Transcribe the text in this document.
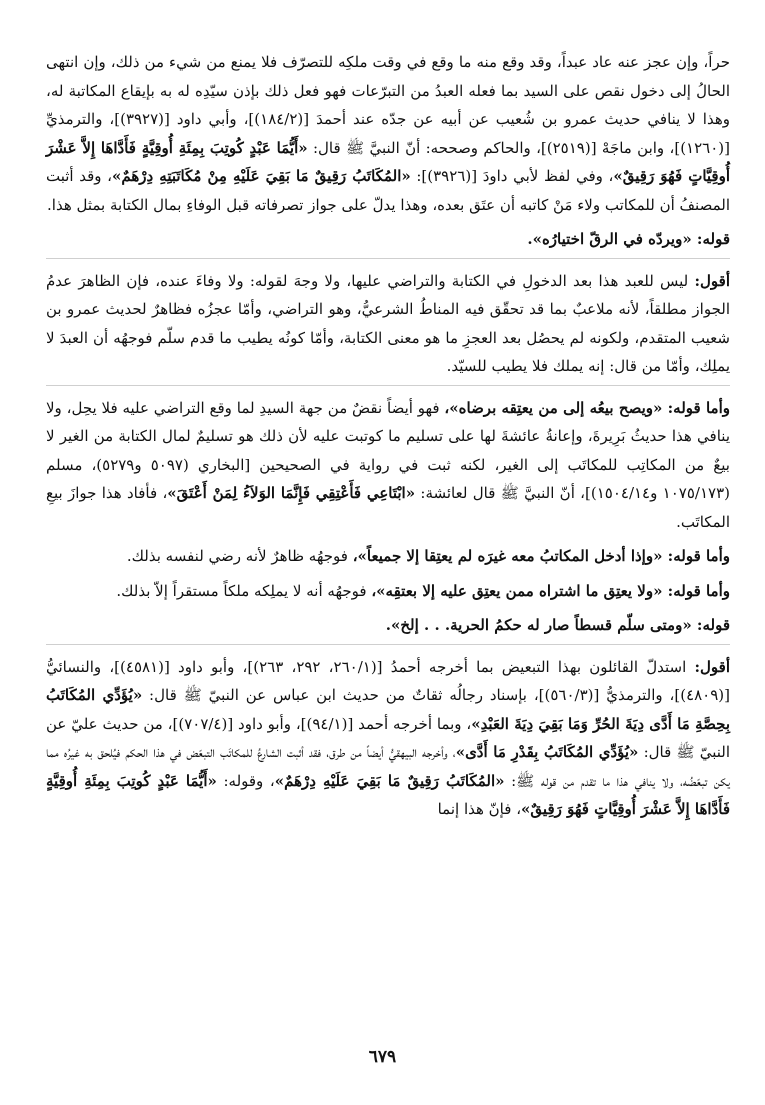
حراً، وإن عجز عنه عاد عبداً، وقد وقع منه ما وقع في وقت ملكِه للتصرّف فلا يمنع من شيء من ذلك، وإن انتهى الحالُ إلى دخول نقص على السيد بما فعله العبدُ من التبرّعات فهو فعل ذلك بإذن سيّدِه له به بإيقاع المكاتبة له، وهذا لا ينافي حديث عمرو بن شُعيب عن أبيه عن جدّه عند أحمدَ [(١٨٤/٢)]، وأبي داود [(٣٩٢٧)]، والترمذيِّ [(١٢٦٠)]، وابن ماجَهْ [(٢٥١٩)]، والحاكم وصححه: أنّ النبيَّ ﷺ قال: «أَيُّمَا عَبْدٍ كُوتِبَ بِمِئَةِ أُوقِيَّةٍ فَأَدَّاهَا إِلاَّ عَشْرَ أُوقِيَّاتٍ فَهُوَ رَقِيقٌ»، وفي لفظ لأبي داودَ [(٣٩٢٦)]: «المُكَاتَبُ رَقِيقٌ مَا بَقِيَ عَلَيْهِ مِنْ مُكَاتَبَتِهِ دِرْهَمٌ»، وقد أثبت المصنفُ أن للمكاتب ولاء مَنْ كاتبه أن عتَق بعده، وهذا يدلّ على جواز تصرفاته قبل الوفاءِ بمال الكتابة بمثل هذا.

قوله: «ويردّه في الرقّ اختيارُه».

أقول: ليس للعبد هذا بعد الدخولِ في الكتابة والتراضي عليها، ولا وجهَ لقوله: ولا وفاءَ عنده، فإن الظاهرَ عدمُ الجواز مطلقاً، لأنه ملاعبٌ بما قد تحقّق فيه المناطُ الشرعيُّ، وهو التراضي، وأمّا عجزُه فظاهرٌ لحديث عمرو بن شعيب المتقدم، ولكونه لم يحصُل بعد العجزِ ما هو معنى الكتابة، وأمّا كونُه يطيب ما قدم سلّم فوجهُه أن العبدَ لا يملِك، وأمّا من قال: إنه يملك فلا يطيب للسيّد.

وأما قوله: «ويصح بيعُه إلى من يعتِقه برضاه»، فهو أيضاً نقضٌ من جهة السيدِ لما وقع التراضي عليه فلا يحِل، ولا ينافي هذا حديثُ بَرِيرةَ، وإعانةُ عائشةَ لها على تسليم ما كوتبت عليه لأن ذلك هو تسليمٌ لمال الكتابة من الغير لا بيعٌ من المكاتِب للمكاتَب إلى الغير، لكنه ثبت في رواية في الصحيحين [البخاري (٥٠٩٧ و٥٢٧٩)، مسلم (١٠٧٥/١٧٣ و١٥٠٤/١٤)]، أنّ النبيَّ ﷺ قال لعائشة: «ابْتَاعِي فَأَعْتِقِي فَإِنَّمَا الوَلاَءُ لِمَنْ أَعْتَقَ»، فأفاد هذا جوازَ بيعِ المكاتَب.

وأما قوله: «وإذا أدخل المكاتبُ معه غيرَه لم يعتِقا إلا جميعاً»، فوجهُه ظاهرٌ لأنه رضي لنفسه بذلك.

وأما قوله: «ولا يعتِق ما اشتراه ممن يعتِق عليه إلا بعتقِه»، فوجهُه أنه لا يملِكه ملكاً مستقراً إلاّ بذلك.

قوله: «ومتى سلّم قسطاً صار له حكمُ الحرية. . . إلخ».

أقول: استدلّ القائلون بهذا التبعيض بما أخرجه أحمدُ [(٢٦٠/١، ٢٩٢، ٢٦٣)]، وأبو داود [(٤٥٨١)]، والنسائيُّ [(٤٨٠٩)]، والترمذيُّ [(٥٦٠/٣)]، بإسناد رجالُه ثقاتٌ من حديث ابن عباس عن النبيّ ﷺ قال: «يُؤَدِّي المُكَاتَبُ بِحِصَّةِ مَا أَدَّى دِيَةَ الحُرِّ وَمَا بَقِيَ دِيَةَ العَبْدِ»، وبما أخرجه أحمد [(٩٤/١)]، وأبو داود [(٧٠٧/٤)]، من حديث عليّ عن النبيّ ﷺ قال: «يُؤَدِّي المُكَاتَبُ بِقَدْرِ مَا أَدَّى»، وأخرجه البيهقيُّ أيضاً من طرق، فقد أثبت الشارعُ للمكاتَب التبعّض في هذا الحكم فيُلحق به غيرُه مما يكن تبعّضُه، ولا ينافي هذا ما تقدم من قوله ﷺ: «المُكَاتَبُ رَقِيقٌ مَا بَقِيَ عَلَيْهِ دِرْهَمٌ»، وقوله: «أَيُّمَا عَبْدٍ كُوتِبَ بِمِئَةِ أُوقِيَّةٍ فَأَدَّاهَا إِلاَّ عَشْرَ أُوقِيَّاتٍ فَهُوَ رَقِيقٌ»، فإنّ هذا إنما

٦٧٩
